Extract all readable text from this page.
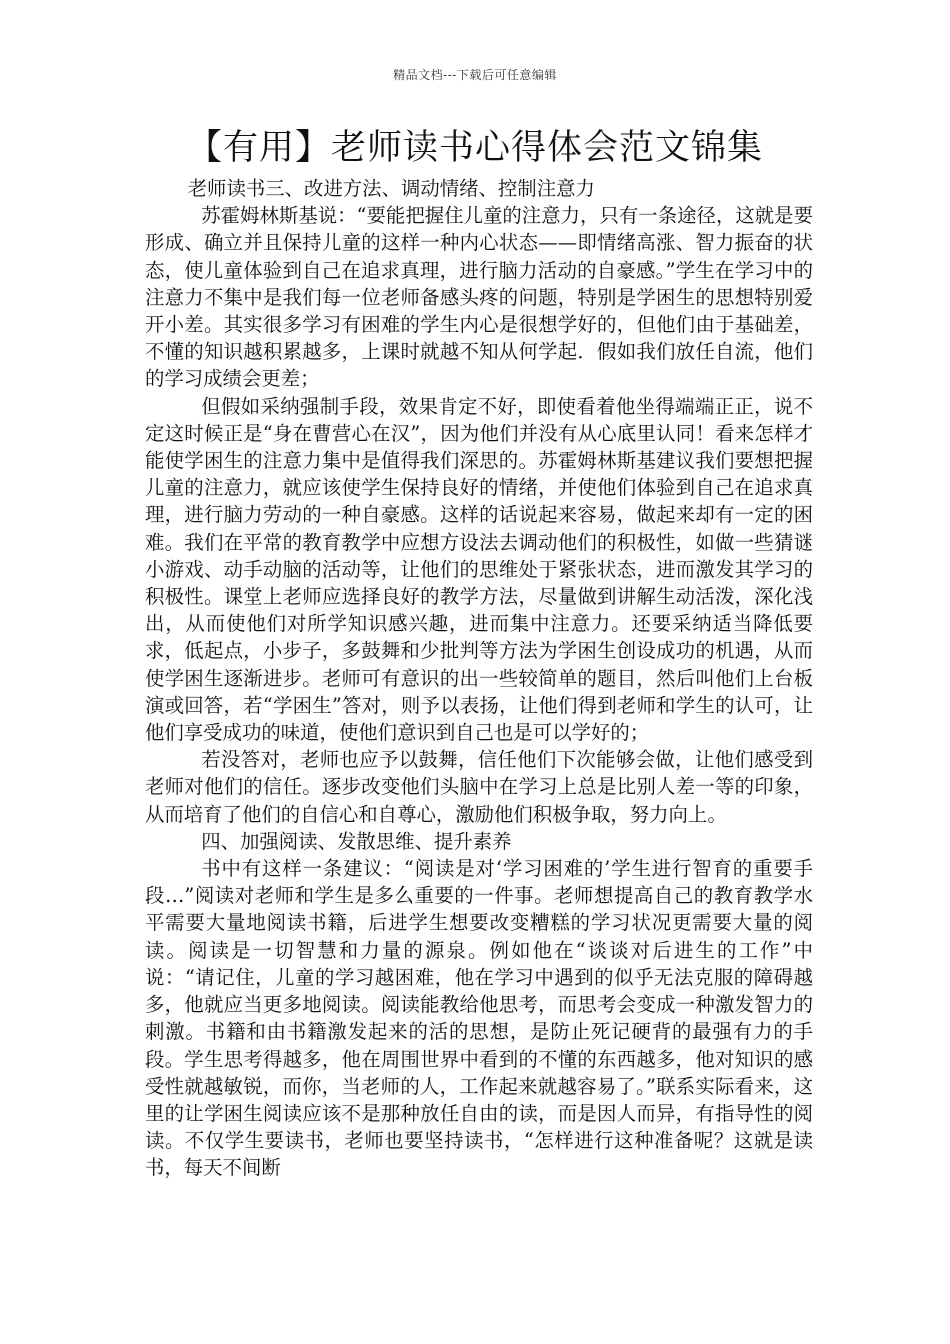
精品文档---下载后可任意编辑
【有用】老师读书心得体会范文锦集

老师读书三、改进方法、调动情绪、控制注意力

苏霍姆林斯基说：“要能把握住儿童的注意力，只有一条途径，这就是要形成、确立并且保持儿童的这样一种内心状态——即情绪高涨、智力振奋的状态，使儿童体验到自己在追求真理，进行脑力活动的自豪感。”学生在学习中的注意力不集中是我们每一位老师备感头疼的问题，特别是学困生的思想特别爱开小差。其实很多学习有困难的学生内心是很想学好的，但他们由于基础差，不懂的知识越积累越多，上课时就越不知从何学起．假如我们放任自流，他们的学习成绩会更差；

但假如采纳强制手段，效果肯定不好，即使看着他坐得端端正正，说不定这时候正是“身在曹营心在汉”，因为他们并没有从心底里认同！看来怎样才能使学困生的注意力集中是值得我们深思的。苏霍姆林斯基建议我们要想把握儿童的注意力，就应该使学生保持良好的情绪，并使他们体验到自己在追求真理，进行脑力劳动的一种自豪感。这样的话说起来容易，做起来却有一定的困难。我们在平常的教育教学中应想方设法去调动他们的积极性，如做一些猜谜小游戏、动手动脑的活动等，让他们的思维处于紧张状态，进而激发其学习的积极性。课堂上老师应选择良好的教学方法，尽量做到讲解生动活泼，深化浅出，从而使他们对所学知识感兴趣，进而集中注意力。还要采纳适当降低要求，低起点，小步子，多鼓舞和少批判等方法为学困生创设成功的机遇，从而使学困生逐渐进步。老师可有意识的出一些较简单的题目，然后叫他们上台板演或回答，若“学困生”答对，则予以表扬，让他们得到老师和学生的认可，让他们享受成功的味道，使他们意识到自己也是可以学好的；

若没答对，老师也应予以鼓舞，信任他们下次能够会做，让他们感受到老师对他们的信任。逐步改变他们头脑中在学习上总是比别人差一等的印象，从而培育了他们的自信心和自尊心，激励他们积极争取，努力向上。

四、加强阅读、发散思维、提升素养

书中有这样一条建议：“阅读是对‘学习困难的’学生进行智育的重要手段…”阅读对老师和学生是多么重要的一件事。老师想提高自己的教育教学水平需要大量地阅读书籍，后进学生想要改变糟糕的学习状况更需要大量的阅读。阅读是一切智慧和力量的源泉。例如他在“谈谈对后进生的工作”中说：“请记住，儿童的学习越困难，他在学习中遇到的似乎无法克服的障碍越多，他就应当更多地阅读。阅读能教给他思考，而思考会变成一种激发智力的刺激。书籍和由书籍激发起来的活的思想，是防止死记硬背的最强有力的手段。学生思考得越多，他在周围世界中看到的不懂的东西越多，他对知识的感受性就越敏锐，而你，当老师的人，工作起来就越容易了。”联系实际看来，这里的让学困生阅读应该不是那种放任自由的读，而是因人而异，有指导性的阅读。不仅学生要读书，老师也要坚持读书，“怎样进行这种准备呢？这就是读书，每天不间断
